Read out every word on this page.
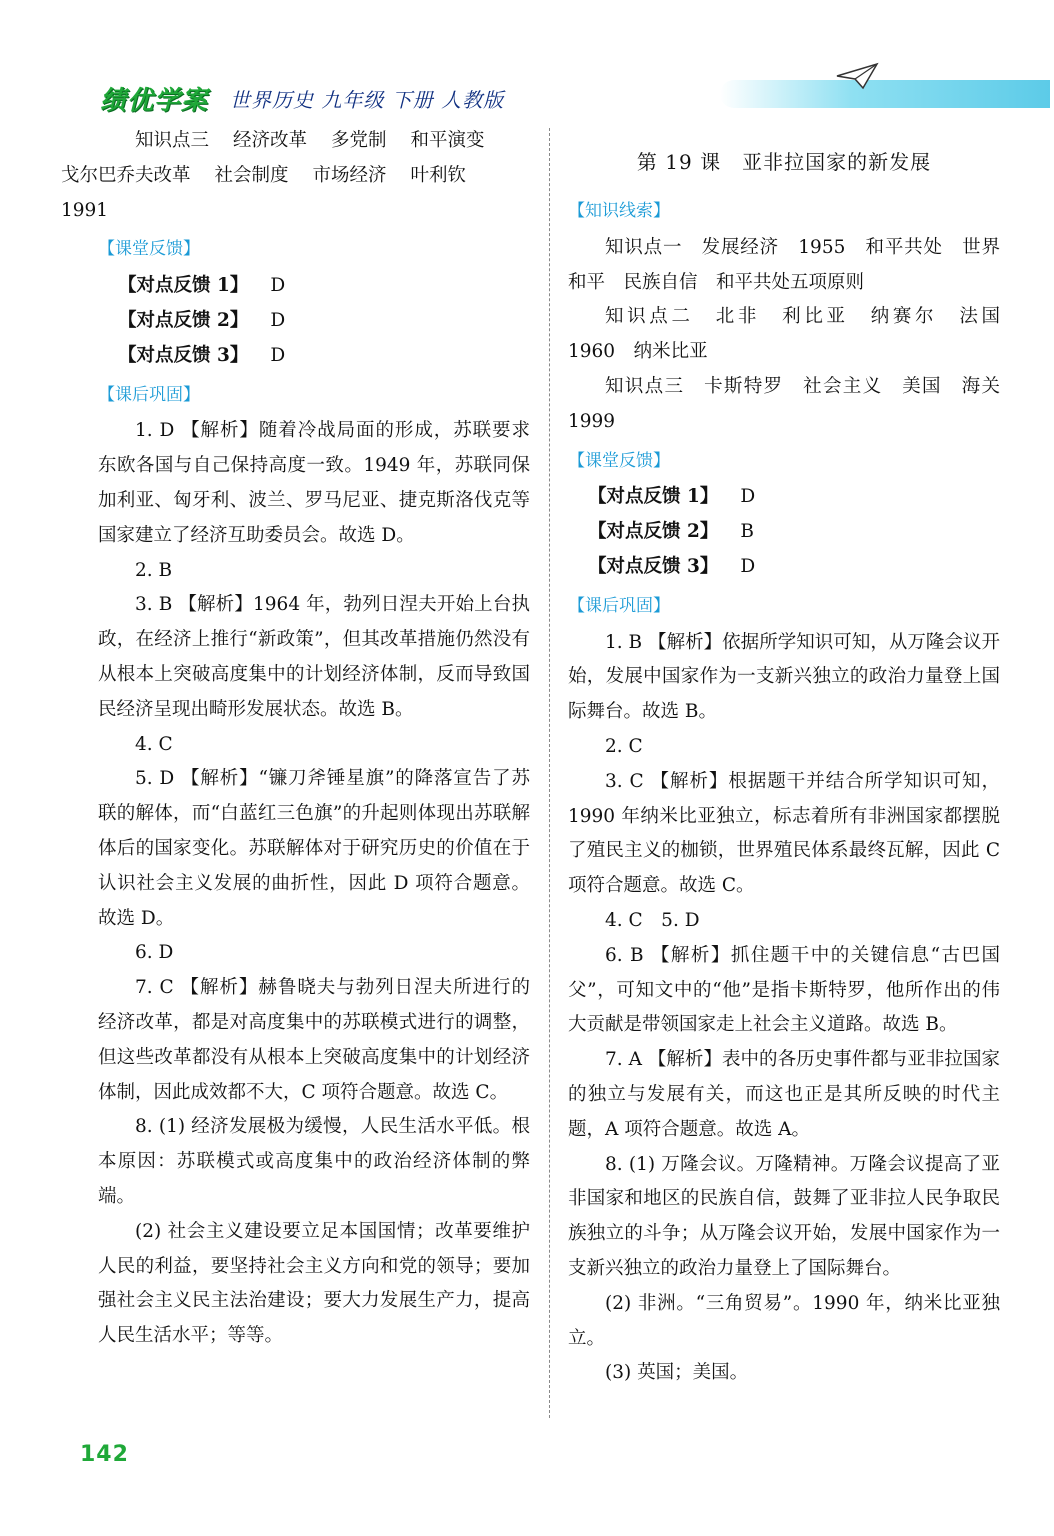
绩优学案 世界历史 九年级 下册 人教版

知识点三 经济改革 多党制 和平演变
戈尔巴乔夫改革 社会制度 市场经济 叶利钦
1991

【课堂反馈】
【对点反馈 1】 D
【对点反馈 2】 D
【对点反馈 3】 D
【课后巩固】

1. D 【解析】随着冷战局面的形成，苏联要求东欧各国与自己保持高度一致。1949 年，苏联同保加利亚、匈牙利、波兰、罗马尼亚、捷克斯洛伐克等国家建立了经济互助委员会。故选 D。

2. B

3. B 【解析】1964 年，勃列日涅夫开始上台执政，在经济上推行“新政策”，但其改革措施仍然没有从根本上突破高度集中的计划经济体制，反而导致国民经济呈现出畸形发展状态。故选 B。

4. C

5. D 【解析】“镰刀斧锤星旗”的降落宣告了苏联的解体，而“白蓝红三色旗”的升起则体现出苏联解体后的国家变化。苏联解体对于研究历史的价值在于认识社会主义发展的曲折性，因此 D 项符合题意。故选 D。

6. D

7. C 【解析】赫鲁晓夫与勃列日涅夫所进行的经济改革，都是对高度集中的苏联模式进行的调整，但这些改革都没有从根本上突破高度集中的计划经济体制，因此成效都不大，C 项符合题意。故选 C。

8. (1) 经济发展极为缓慢，人民生活水平低。根本原因：苏联模式或高度集中的政治经济体制的弊端。

(2) 社会主义建设要立足本国国情；改革要维护人民的利益，要坚持社会主义方向和党的领导；要加强社会主义民主法治建设；要大力发展生产力，提高人民生活水平；等等。

第 19 课　亚非拉国家的新发展
【知识线索】

知识点一　发展经济　1955　和平共处　世界和平　民族自信　和平共处五项原则

知识点二　北非　利比亚　纳赛尔　法国　1960　纳米比亚

知识点三　卡斯特罗　社会主义　美国　海关　1999

【课堂反馈】
【对点反馈 1】 D
【对点反馈 2】 B
【对点反馈 3】 D
【课后巩固】

1. B 【解析】依据所学知识可知，从万隆会议开始，发展中国家作为一支新兴独立的政治力量登上国际舞台。故选 B。

2. C

3. C 【解析】根据题干并结合所学知识可知，1990 年纳米比亚独立，标志着所有非洲国家都摆脱了殖民主义的枷锁，世界殖民体系最终瓦解，因此 C 项符合题意。故选 C。

4. C　5. D

6. B 【解析】抓住题干中的关键信息“古巴国父”，可知文中的“他”是指卡斯特罗，他所作出的伟大贡献是带领国家走上社会主义道路。故选 B。

7. A 【解析】表中的各历史事件都与亚非拉国家的独立与发展有关，而这也正是其所反映的时代主题，A 项符合题意。故选 A。

8. (1) 万隆会议。万隆精神。万隆会议提高了亚非国家和地区的民族自信，鼓舞了亚非拉人民争取民族独立的斗争；从万隆会议开始，发展中国家作为一支新兴独立的政治力量登上了国际舞台。

(2) 非洲。“三角贸易”。1990 年，纳米比亚独立。

(3) 英国；美国。

142
